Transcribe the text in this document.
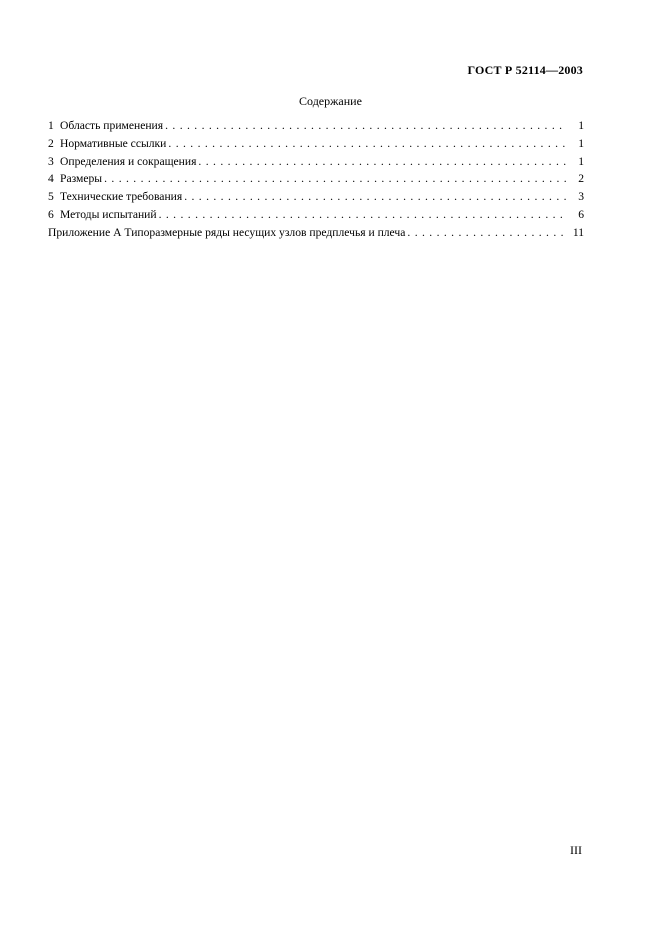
ГОСТ Р 52114—2003
Содержание
1 Область применения . . .	1
2 Нормативные ссылки . . .	1
3 Определения и сокращения . . .	1
4 Размеры . . .	2
5 Технические требования . . .	3
6 Методы испытаний . . .	6
Приложение А Типоразмерные ряды несущих узлов предплечья и плеча . . .	11
III
